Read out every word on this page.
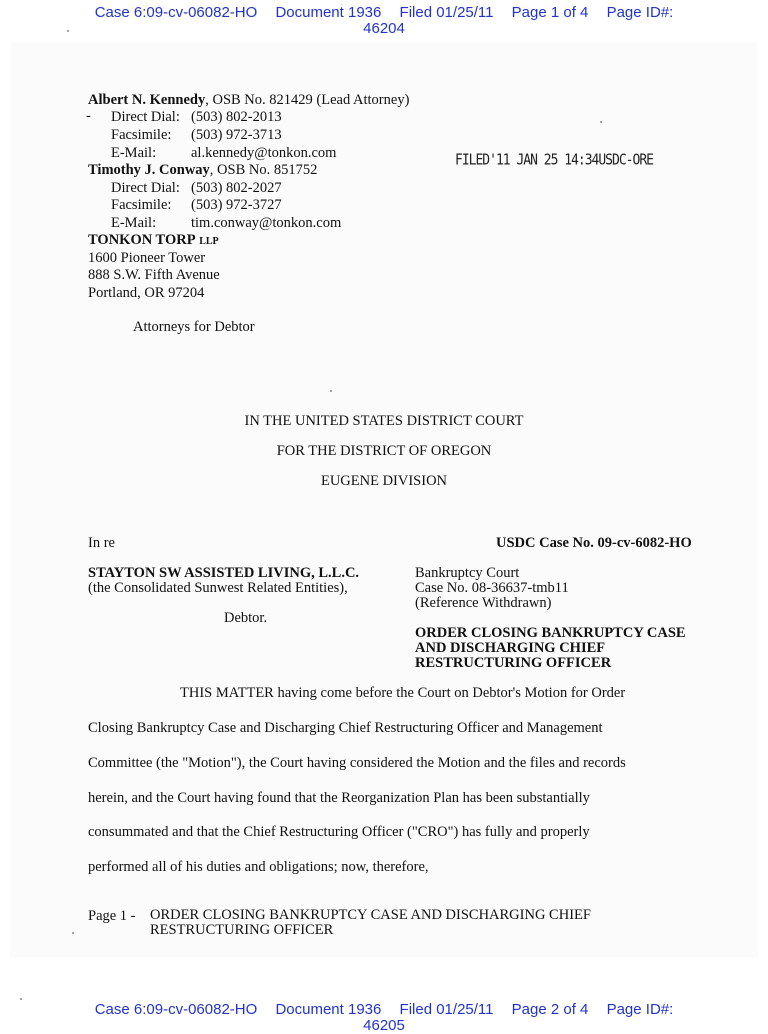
Case 6:09-cv-06082-HO Document 1936 Filed 01/25/11 Page 1 of 4 Page ID#:
46204
Albert N. Kennedy, OSB No. 821429 (Lead Attorney)
- Direct Dial: (503) 802-2013
Facsimile: (503) 972-3713
E-Mail: al.kennedy@tonkon.com
Timothy J. Conway, OSB No. 851752
Direct Dial: (503) 802-2027
Facsimile: (503) 972-3727
E-Mail: tim.conway@tonkon.com
TONKON TORP LLP
1600 Pioneer Tower
888 S.W. Fifth Avenue
Portland, OR 97204
Attorneys for Debtor
FILED'11 JAN 25 14:34USDC-ORE
IN THE UNITED STATES DISTRICT COURT
FOR THE DISTRICT OF OREGON
EUGENE DIVISION
In re	USDC Case No. 09-cv-6082-HO
STAYTON SW ASSISTED LIVING, L.L.C.
(the Consolidated Sunwest Related Entities),
Debtor.
Bankruptcy Court
Case No. 08-36637-tmb11
(Reference Withdrawn)
ORDER CLOSING BANKRUPTCY CASE
AND DISCHARGING CHIEF
RESTRUCTURING OFFICER
THIS MATTER having come before the Court on Debtor's Motion for Order
Closing Bankruptcy Case and Discharging Chief Restructuring Officer and Management
Committee (the "Motion"), the Court having considered the Motion and the files and records
herein, and the Court having found that the Reorganization Plan has been substantially
consummated and that the Chief Restructuring Officer ("CRO") has fully and properly
performed all of his duties and obligations; now, therefore,
Page 1 - ORDER CLOSING BANKRUPTCY CASE AND DISCHARGING CHIEF
RESTRUCTURING OFFICER
Case 6:09-cv-06082-HO Document 1936 Filed 01/25/11 Page 2 of 4 Page ID#:
46205
